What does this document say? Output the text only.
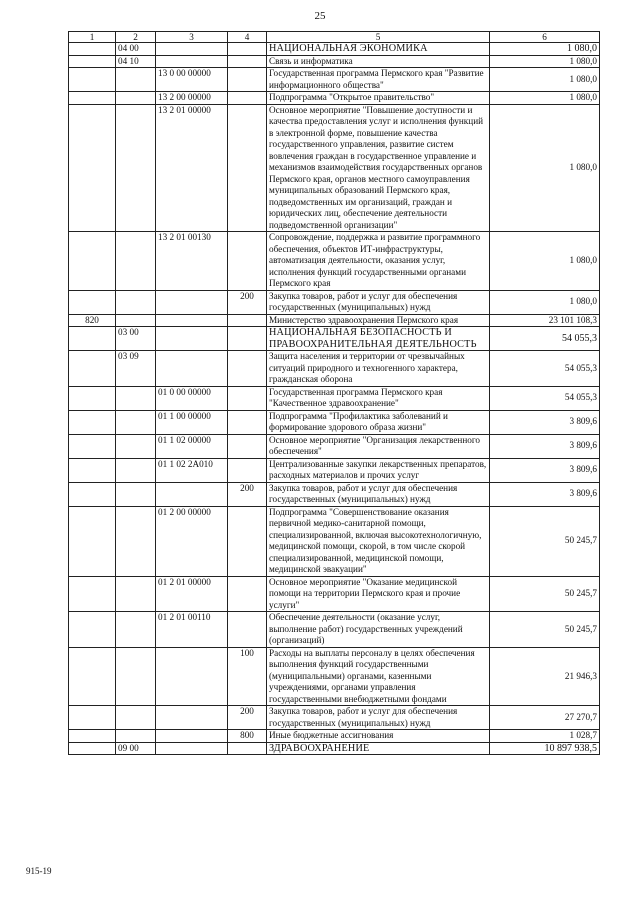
25
1	2	3	4	5	6
	04 00			НАЦИОНАЛЬНАЯ ЭКОНОМИКА	1 080,0
	04 10			Связь и информатика	1 080,0
		13 0 00 00000		Государственная программа Пермского края "Развитие информационного общества"	1 080,0
		13 2 00 00000		Подпрограмма "Открытое правительство"	1 080,0
		13 2 01 00000		Основное мероприятие "Повышение доступности и качества предоставления услуг и исполнения функций в электронной форме, повышение качества государственного управления, развитие систем вовлечения граждан в государственное управление и механизмов взаимодействия государственных органов Пермского края, органов местного самоуправления муниципальных образований Пермского края, подведомственных им организаций, граждан и юридических лиц, обеспечение деятельности подведомственной организации"	1 080,0
		13 2 01 00130		Сопровождение, поддержка и развитие программного обеспечения, объектов ИТ-инфраструктуры, автоматизация деятельности, оказания услуг, исполнения функций государственными органами Пермского края	1 080,0
			200	Закупка товаров, работ и услуг для обеспечения государственных (муниципальных) нужд	1 080,0
820				Министерство здравоохранения Пермского края	23 101 108,3
	03 00			НАЦИОНАЛЬНАЯ БЕЗОПАСНОСТЬ И ПРАВООХРАНИТЕЛЬНАЯ ДЕЯТЕЛЬНОСТЬ	54 055,3
	03 09			Защита населения и территории от чрезвычайных ситуаций природного и техногенного характера, гражданская оборона	54 055,3
		01 0 00 00000		Государственная программа Пермского края "Качественное здравоохранение"	54 055,3
		01 1 00 00000		Подпрограмма "Профилактика заболеваний и формирование здорового образа жизни"	3 809,6
		01 1 02 00000		Основное мероприятие "Организация лекарственного обеспечения"	3 809,6
		01 1 02 2А010		Централизованные закупки лекарственных препаратов, расходных материалов и прочих услуг	3 809,6
			200	Закупка товаров, работ и услуг для обеспечения государственных (муниципальных) нужд	3 809,6
		01 2 00 00000		Подпрограмма "Совершенствование оказания первичной медико-санитарной помощи, специализированной, включая высокотехнологичную, медицинской помощи, скорой, в том числе скорой специализированной, медицинской помощи, медицинской эвакуации"	50 245,7
		01 2 01 00000		Основное мероприятие "Оказание медицинской помощи на территории Пермского края и прочие услуги"	50 245,7
		01 2 01 00110		Обеспечение деятельности (оказание услуг, выполнение работ) государственных учреждений (организаций)	50 245,7
			100	Расходы на выплаты персоналу в целях обеспечения выполнения функций государственными (муниципальными) органами, казенными учреждениями, органами управления государственными внебюджетными фондами	21 946,3
			200	Закупка товаров, работ и услуг для обеспечения государственных (муниципальных) нужд	27 270,7
			800	Иные бюджетные ассигнования	1 028,7
	09 00			ЗДРАВООХРАНЕНИЕ	10 897 938,5
915-19
